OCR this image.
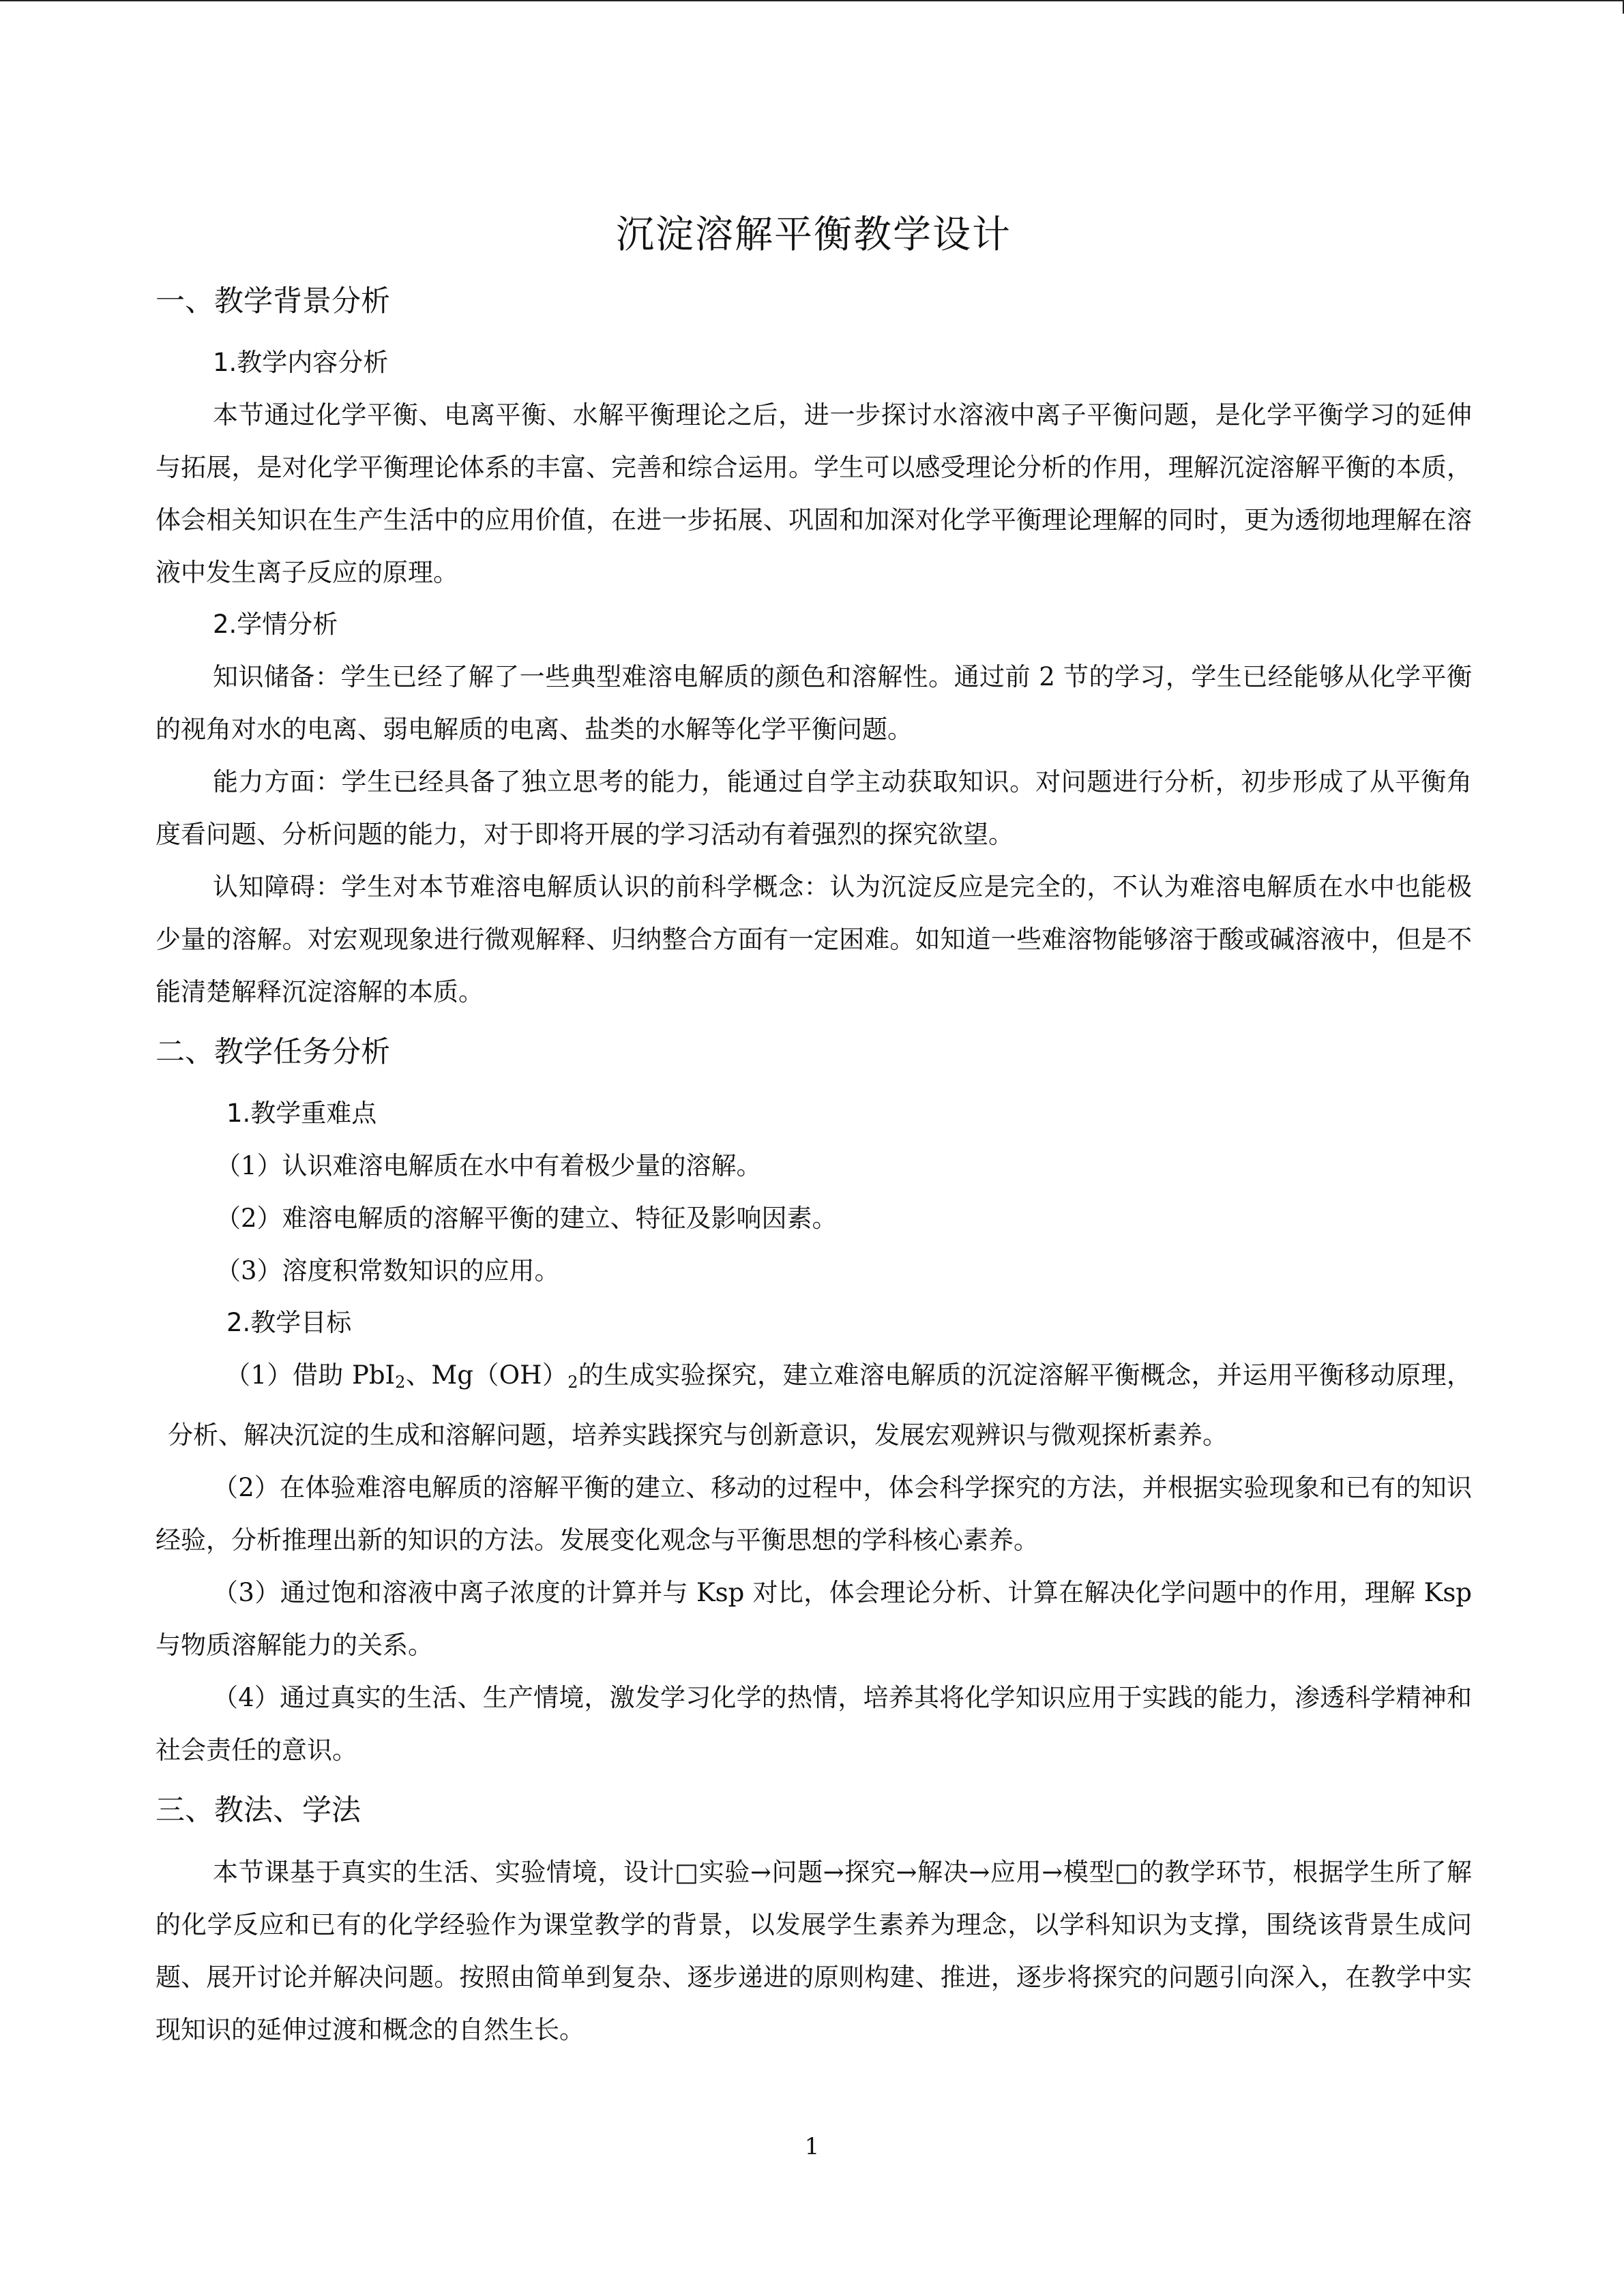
沉淀溶解平衡教学设计
一、教学背景分析
1.教学内容分析

本节通过化学平衡、电离平衡、水解平衡理论之后，进一步探讨水溶液中离子平衡问题，是化学平衡学习的延伸与拓展，是对化学平衡理论体系的丰富、完善和综合运用。学生可以感受理论分析的作用，理解沉淀溶解平衡的本质，体会相关知识在生产生活中的应用价值，在进一步拓展、巩固和加深对化学平衡理论理解的同时，更为透彻地理解在溶液中发生离子反应的原理。

2.学情分析

知识储备：学生已经了解了一些典型难溶电解质的颜色和溶解性。通过前 2 节的学习，学生已经能够从化学平衡的视角对水的电离、弱电解质的电离、盐类的水解等化学平衡问题。

能力方面：学生已经具备了独立思考的能力，能通过自学主动获取知识。对问题进行分析，初步形成了从平衡角度看问题、分析问题的能力，对于即将开展的学习活动有着强烈的探究欲望。

认知障碍：学生对本节难溶电解质认识的前科学概念：认为沉淀反应是完全的，不认为难溶电解质在水中也能极少量的溶解。对宏观现象进行微观解释、归纳整合方面有一定困难。如知道一些难溶物能够溶于酸或碱溶液中，但是不能清楚解释沉淀溶解的本质。

二、教学任务分析
1.教学重难点

（1）认识难溶电解质在水中有着极少量的溶解。

（2）难溶电解质的溶解平衡的建立、特征及影响因素。

（3）溶度积常数知识的应用。

2.教学目标

（1）借助 PbI$_2$、$Mg(OH)_2$的生成实验探究，建立难溶电解质的沉淀溶解平衡概念，并运用平衡移动原理，分析、解决沉淀的生成和溶解问题，培养实践探究与创新意识，发展宏观辨识与微观探析素养。

（2）在体验难溶电解质的溶解平衡的建立、移动的过程中，体会科学探究的方法，并根据实验现象和已有的知识经验，分析推理出新的知识的方法。发展变化观念与平衡思想的学科核心素养。

（3）通过饱和溶液中离子浓度的计算并与 Ksp 对比，体会理论分析、计算在解决化学问题中的作用，理解 Ksp 与物质溶解能力的关系。

（4）通过真实的生活、生产情境，激发学习化学的热情，培养其将化学知识应用于实践的能力，渗透科学精神和社会责任的意识。

三、教法、学法

本节课基于真实的生活、实验情境，设计□实验→问题→探究→解决→应用→模型□的教学环节，根据学生所了解的化学反应和已有的化学经验作为课堂教学的背景，以发展学生素养为理念，以学科知识为支撑，围绕该背景生成问题、展开讨论并解决问题。按照由简单到复杂、逐步递进的原则构建、推进，逐步将探究的问题引向深入，在教学中实现知识的延伸过渡和概念的自然生长。

1
